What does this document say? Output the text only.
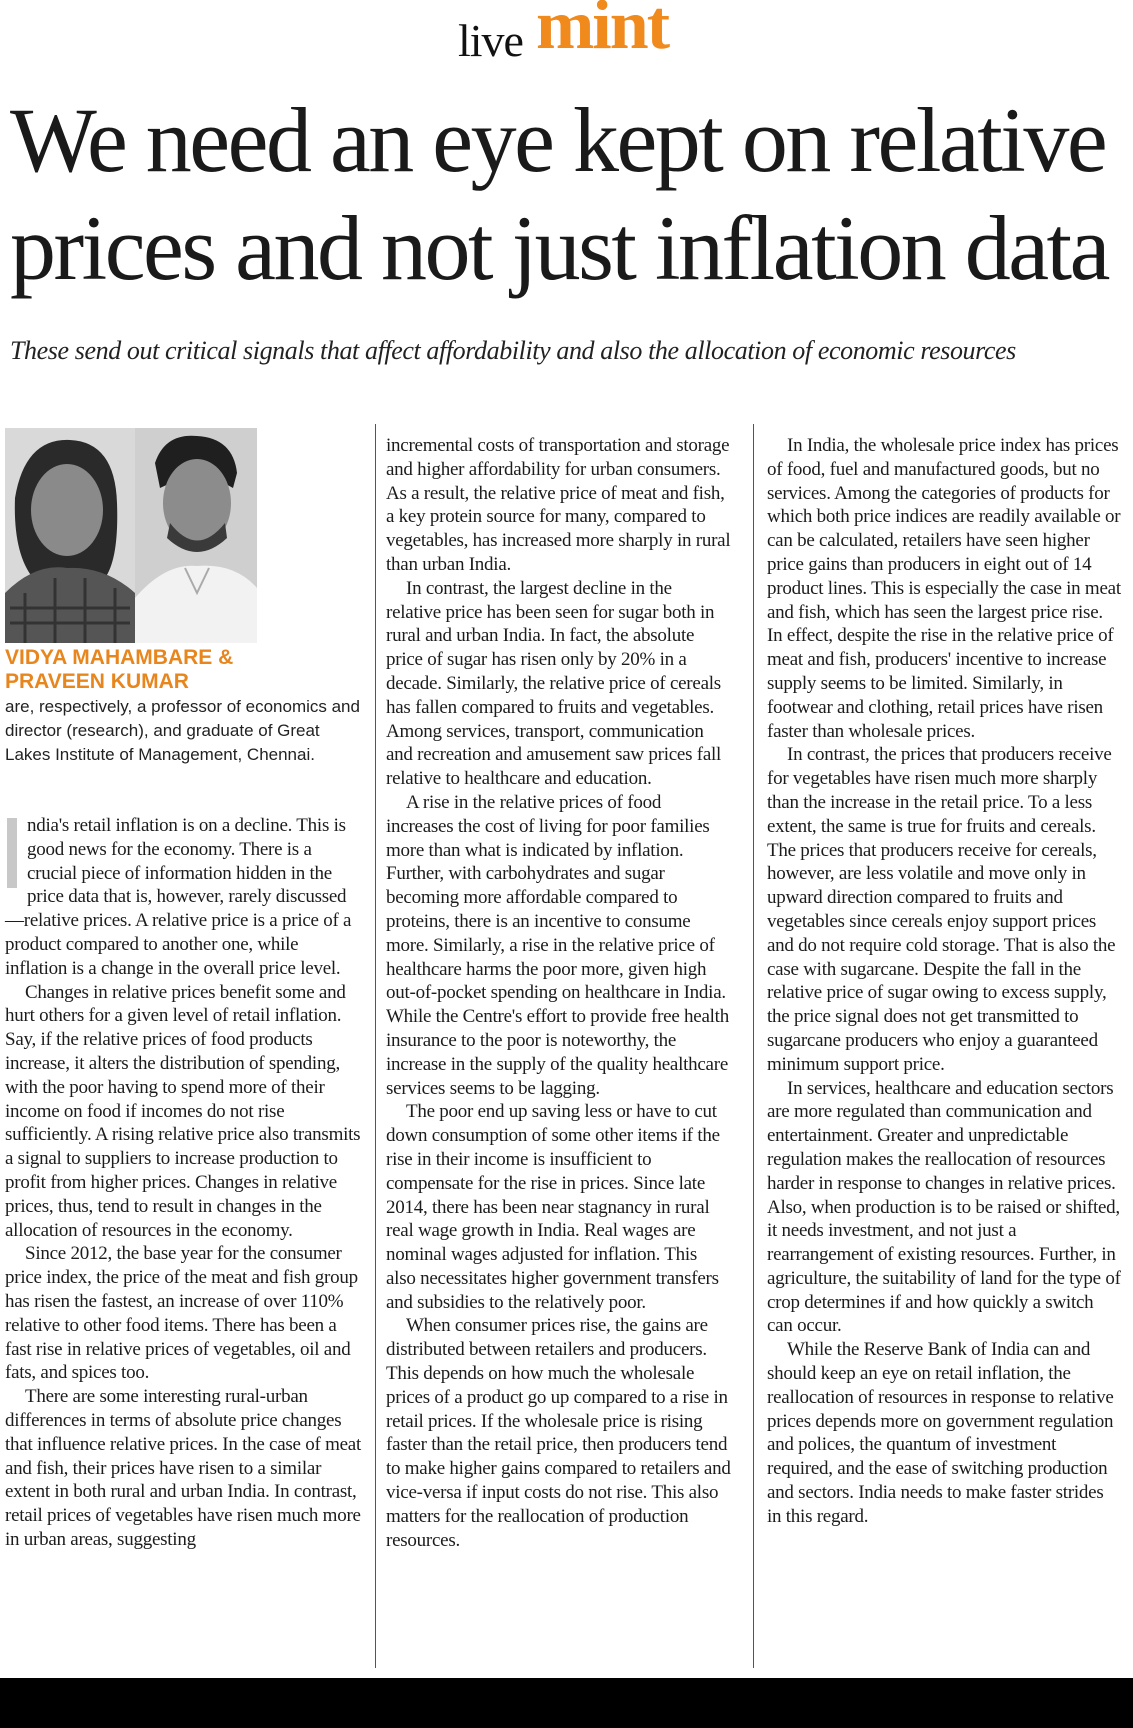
live mint
We need an eye kept on relative prices and not just inflation data

These send out critical signals that affect affordability and also the allocation of economic resources

VIDYA MAHAMBARE & PRAVEEN KUMAR

are, respectively, a professor of economics and director (research), and graduate of Great Lakes Institute of Management, Chennai.

ndia's retail inflation is on a decline. This is good news for the economy. There is a crucial piece of information hidden in the price data that is, however, rarely discussed—relative prices. A relative price is a price of a product compared to another one, while inflation is a change in the overall price level.

Changes in relative prices benefit some and hurt others for a given level of retail inflation. Say, if the relative prices of food products increase, it alters the distribution of spending, with the poor having to spend more of their income on food if incomes do not rise sufficiently. A rising relative price also transmits a signal to suppliers to increase production to profit from higher prices. Changes in relative prices, thus, tend to result in changes in the allocation of resources in the economy.

Since 2012, the base year for the consumer price index, the price of the meat and fish group has risen the fastest, an increase of over 110% relative to other food items. There has been a fast rise in relative prices of vegetables, oil and fats, and spices too.

There are some interesting rural-urban differences in terms of absolute price changes that influence relative prices. In the case of meat and fish, their prices have risen to a similar extent in both rural and urban India. In contrast, retail prices of vegetables have risen much more in urban areas, suggesting

incremental costs of transportation and storage and higher affordability for urban consumers. As a result, the relative price of meat and fish, a key protein source for many, compared to vegetables, has increased more sharply in rural than urban India.

In contrast, the largest decline in the relative price has been seen for sugar both in rural and urban India. In fact, the absolute price of sugar has risen only by 20% in a decade. Similarly, the relative price of cereals has fallen compared to fruits and vegetables. Among services, transport, communication and recreation and amusement saw prices fall relative to healthcare and education.

A rise in the relative prices of food increases the cost of living for poor families more than what is indicated by inflation. Further, with carbohydrates and sugar becoming more affordable compared to proteins, there is an incentive to consume more. Similarly, a rise in the relative price of healthcare harms the poor more, given high out-of-pocket spending on healthcare in India. While the Centre's effort to provide free health insurance to the poor is noteworthy, the increase in the supply of the quality healthcare services seems to be lagging.

The poor end up saving less or have to cut down consumption of some other items if the rise in their income is insufficient to compensate for the rise in prices. Since late 2014, there has been near stagnancy in rural real wage growth in India. Real wages are nominal wages adjusted for inflation. This also necessitates higher government transfers and subsidies to the relatively poor.

When consumer prices rise, the gains are distributed between retailers and producers. This depends on how much the wholesale prices of a product go up compared to a rise in retail prices. If the wholesale price is rising faster than the retail price, then producers tend to make higher gains compared to retailers and vice-versa if input costs do not rise. This also matters for the reallocation of production resources.

In India, the wholesale price index has prices of food, fuel and manufactured goods, but no services. Among the categories of products for which both price indices are readily available or can be calculated, retailers have seen higher price gains than producers in eight out of 14 product lines. This is especially the case in meat and fish, which has seen the largest price rise. In effect, despite the rise in the relative price of meat and fish, producers' incentive to increase supply seems to be limited. Similarly, in footwear and clothing, retail prices have risen faster than wholesale prices.

In contrast, the prices that producers receive for vegetables have risen much more sharply than the increase in the retail price. To a less extent, the same is true for fruits and cereals. The prices that producers receive for cereals, however, are less volatile and move only in upward direction compared to fruits and vegetables since cereals enjoy support prices and do not require cold storage. That is also the case with sugarcane. Despite the fall in the relative price of sugar owing to excess supply, the price signal does not get transmitted to sugarcane producers who enjoy a guaranteed minimum support price.

In services, healthcare and education sectors are more regulated than communication and entertainment. Greater and unpredictable regulation makes the reallocation of resources harder in response to changes in relative prices. Also, when production is to be raised or shifted, it needs investment, and not just a rearrangement of existing resources. Further, in agriculture, the suitability of land for the type of crop determines if and how quickly a switch can occur.

While the Reserve Bank of India can and should keep an eye on retail inflation, the reallocation of resources in response to relative prices depends more on government regulation and polices, the quantum of investment required, and the ease of switching production and sectors. India needs to make faster strides in this regard.
